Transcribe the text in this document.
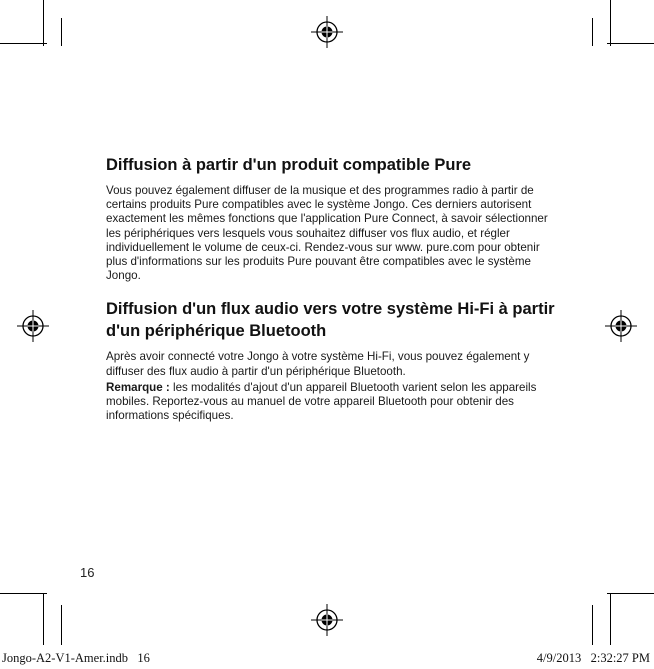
Diffusion à partir d'un produit compatible Pure

Vous pouvez également diffuser de la musique et des programmes radio à partir de certains produits Pure compatibles avec le système Jongo. Ces derniers autorisent exactement les mêmes fonctions que l'application Pure Connect, à savoir sélectionner les périphériques vers lesquels vous souhaitez diffuser vos flux audio, et régler individuellement le volume de ceux-ci. Rendez-vous sur www. pure.com pour obtenir plus d'informations sur les produits Pure pouvant être compatibles avec le système Jongo.

Diffusion d'un flux audio vers votre système Hi-Fi à partir d'un périphérique Bluetooth

Après avoir connecté votre Jongo à votre système Hi-Fi, vous pouvez également y diffuser des flux audio à partir d'un périphérique Bluetooth.

Remarque : les modalités d'ajout d'un appareil Bluetooth varient selon les appareils mobiles. Reportez-vous au manuel de votre appareil Bluetooth pour obtenir des informations spécifiques.

16
Jongo-A2-V1-Amer.indb   16	4/9/2013   2:32:27 PM
